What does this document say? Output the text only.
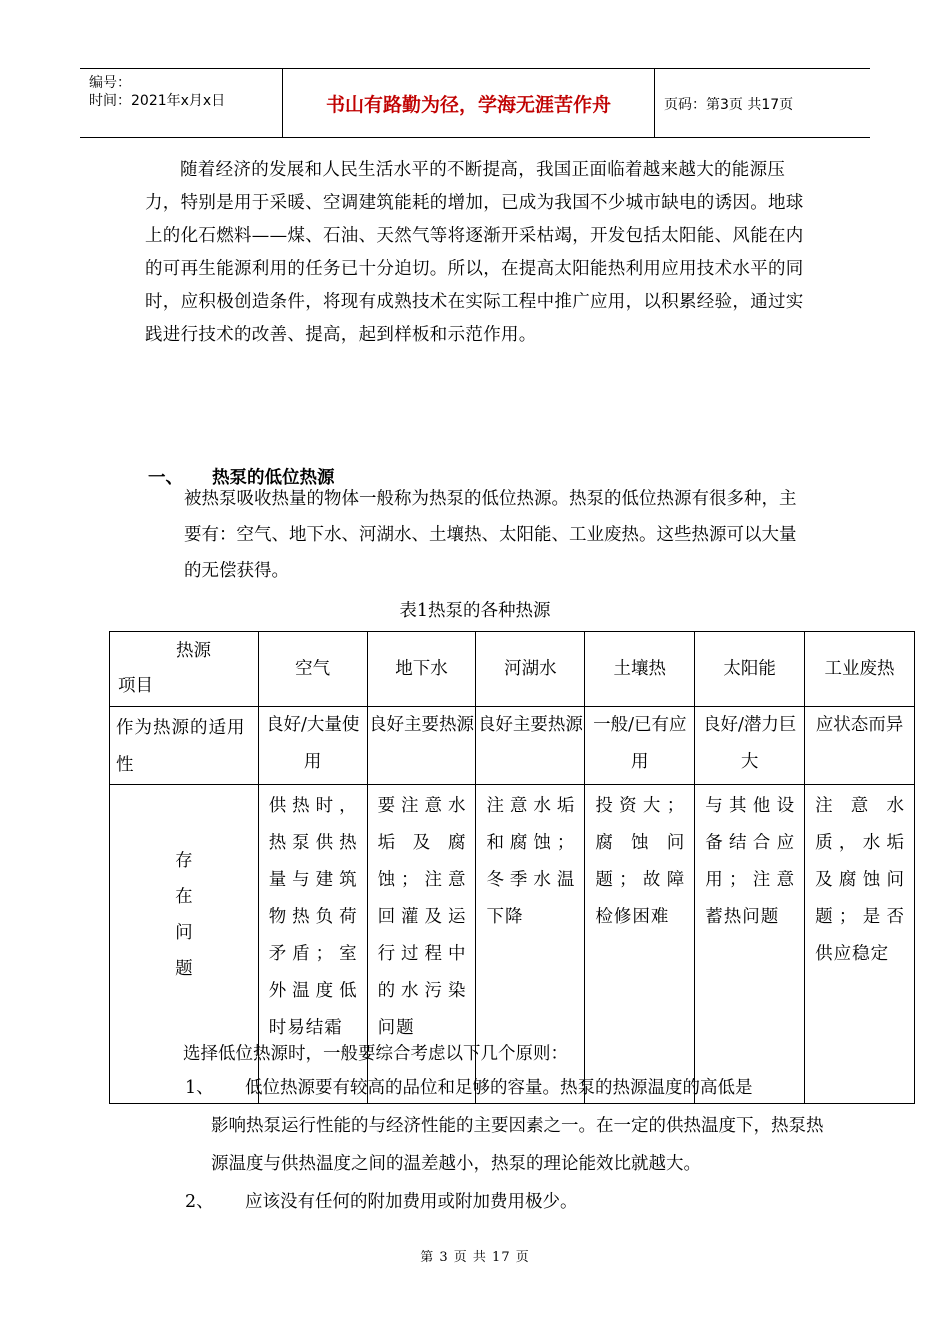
编号：
时间：2021年x月x日	书山有路勤为径，学海无涯苦作舟	页码：第3页 共17页

随着经济的发展和人民生活水平的不断提高，我国正面临着越来越大的能源压力，特别是用于采暖、空调建筑能耗的增加，已成为我国不少城市缺电的诱因。地球上的化石燃料——煤、石油、天然气等将逐渐开采枯竭，开发包括太阳能、风能在内的可再生能源利用的任务已十分迫切。所以，在提高太阳能热利用应用技术水平的同时，应积极创造条件，将现有成熟技术在实际工程中推广应用，以积累经验，通过实践进行技术的改善、提高，起到样板和示范作用。

一、 热泵的低位热源

被热泵吸收热量的物体一般称为热泵的低位热源。热泵的低位热源有很多种，主要有：空气、地下水、河湖水、土壤热、太阳能、工业废热。这些热源可以大量的无偿获得。

表1热泵的各种热源
热源
项目	空气	地下水	河湖水	土壤热	太阳能	工业废热
作为热源的适用性	良好/大量使用	良好主要热源	良好主要热源	一般/已有应用	良好/潜力巨大	应状态而异

存
在
问
题	供热时，热泵供热量与建筑物热负荷矛盾；室外温度低时易结霜	要注意水垢及腐蚀；注意回灌及运行过程中的水污染问题	注意水垢和腐蚀；冬季水温下降	投资大；腐蚀问题；故障检修困难	与其他设备结合应用；注意蓄热问题	注意水质，水垢及腐蚀问题；是否供应稳定
选择低位热源时，一般要综合考虑以下几个原则：
1、 低位热源要有较高的品位和足够的容量。热泵的热源温度的高低是
影响热泵运行性能的与经济性能的主要因素之一。在一定的供热温度下，热泵热源温度与供热温度之间的温差越小，热泵的理论能效比就越大。
2、 应该没有任何的附加费用或附加费用极少。
第 3 页 共 17 页
